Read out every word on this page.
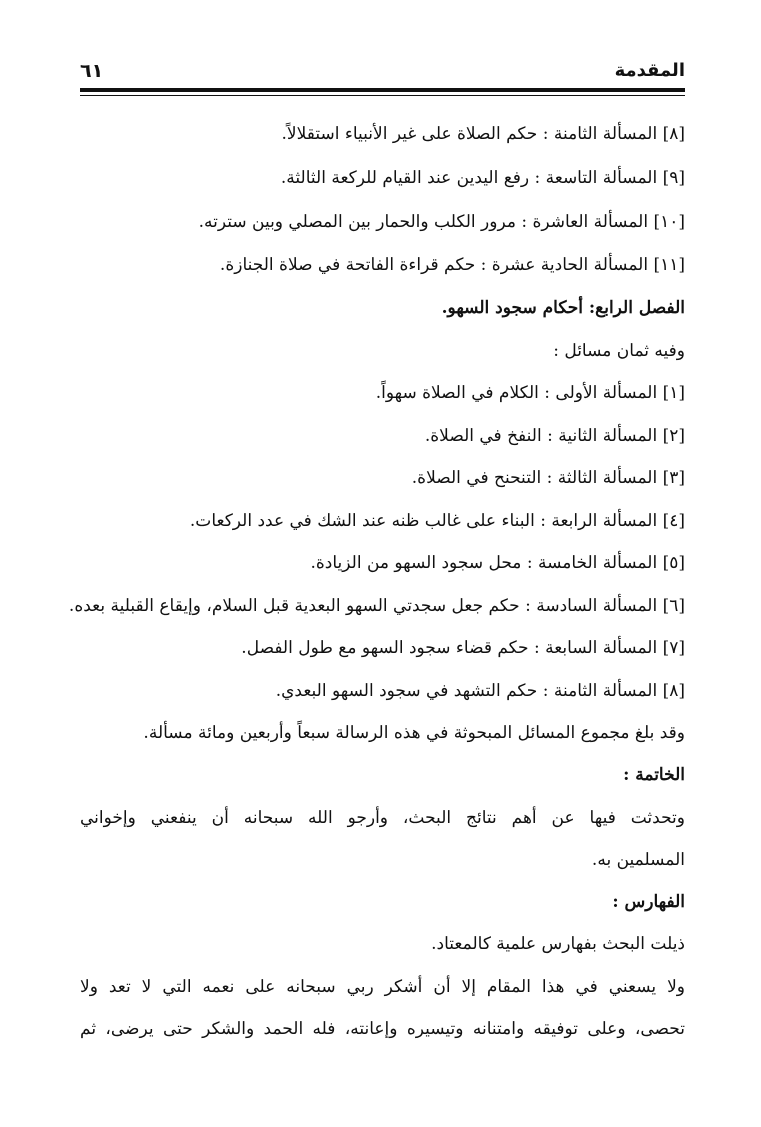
المقدمة
٦١
[٨] المسألة الثامنة : حكم الصلاة على غير الأنبياء استقلالاً.
[٩] المسألة التاسعة : رفع اليدين عند القيام للركعة الثالثة.
[١٠] المسألة العاشرة : مرور الكلب والحمار بين المصلي وبين سترته.
[١١] المسألة الحادية عشرة : حكم قراءة الفاتحة في صلاة الجنازة.
الفصل الرابع: أحكام سجود السهو.
وفيه ثمان مسائل :
[١] المسألة الأولى : الكلام في الصلاة سهواً.
[٢] المسألة الثانية : النفخ في الصلاة.
[٣] المسألة الثالثة : التنحنح في الصلاة.
[٤] المسألة الرابعة : البناء على غالب ظنه عند الشك في عدد الركعات.
[٥] المسألة الخامسة : محل سجود السهو من الزيادة.
[٦] المسألة السادسة : حكم جعل سجدتي السهو البعدية قبل السلام، وإيقاع القبلية بعده.
[٧] المسألة السابعة : حكم قضاء سجود السهو مع طول الفصل.
[٨] المسألة الثامنة : حكم التشهد في سجود السهو البعدي.
وقد بلغ مجموع المسائل المبحوثة في هذه الرسالة سبعاً وأربعين ومائة مسألة.
الخاتمة :
وتحدثت فيها عن أهم نتائج البحث، وأرجو الله سبحانه أن ينفعني وإخواني
المسلمين به.
الفهارس :
ذيلت البحث بفهارس علمية كالمعتاد.
ولا يسعني في هذا المقام إلا أن أشكر ربي سبحانه على نعمه التي لا تعد ولا
تحصى، وعلى توفيقه وامتنانه وتيسيره وإعانته، فله الحمد والشكر حتى يرضى، ثم
